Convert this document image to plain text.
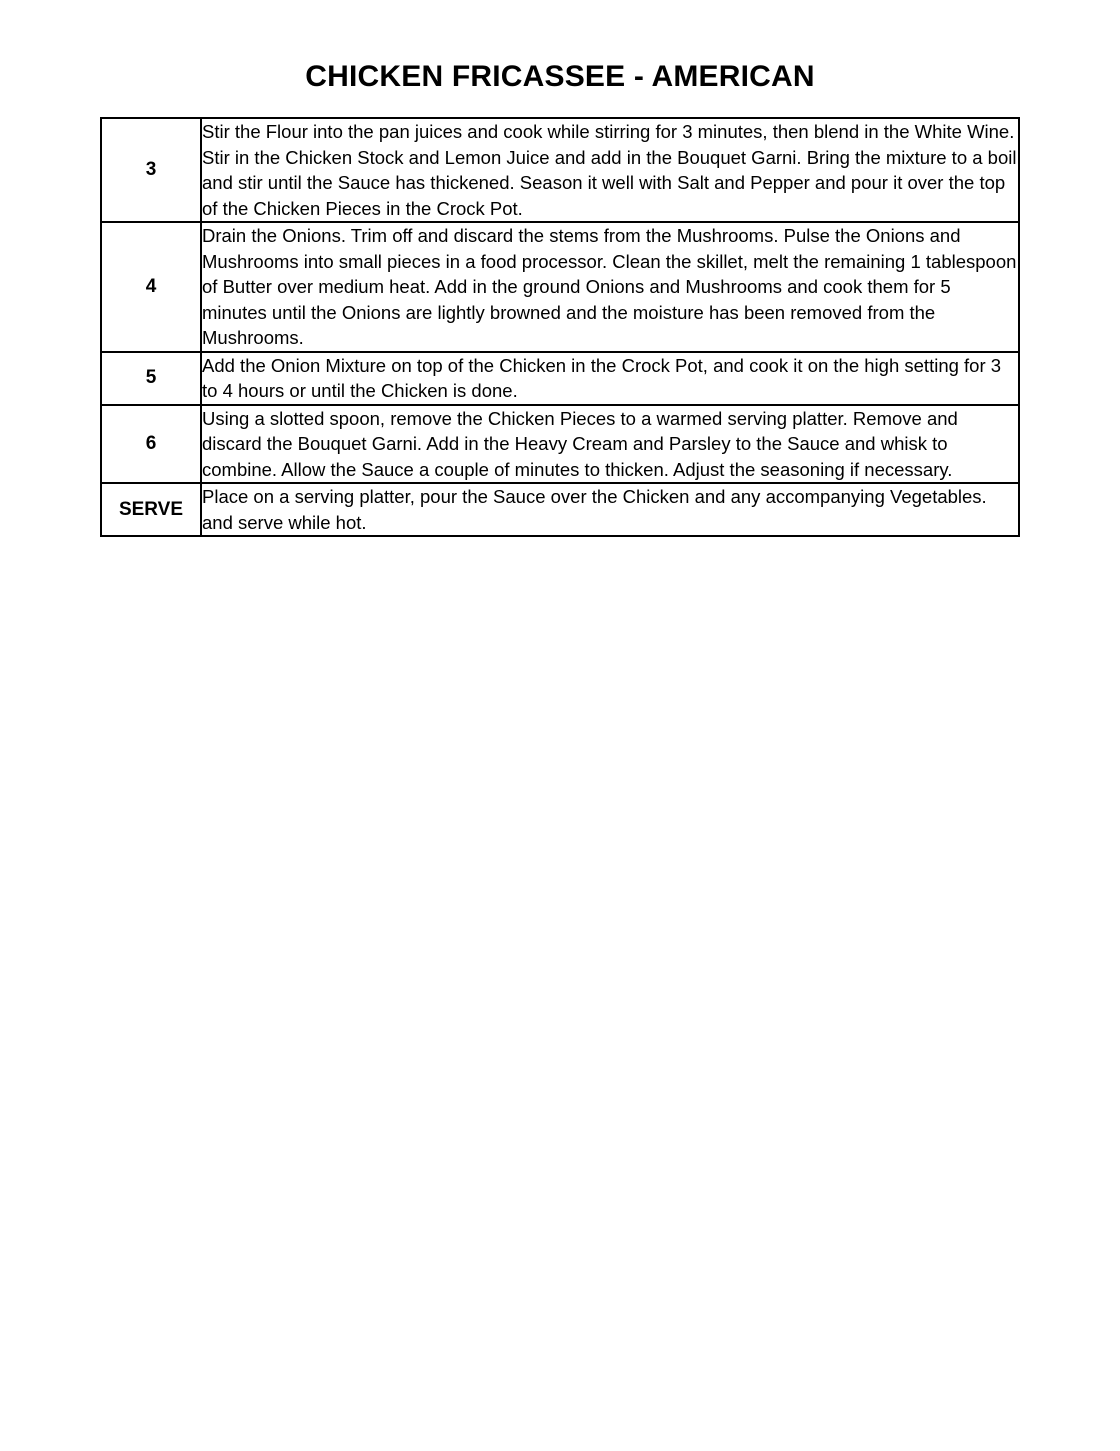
CHICKEN FRICASSEE - AMERICAN
3	Stir the Flour into the pan juices and cook while stirring for 3 minutes, then blend in the White Wine. Stir in the Chicken Stock and Lemon Juice and add in the Bouquet Garni. Bring the mixture to a boil and stir until the Sauce has thickened. Season it well with Salt and Pepper and pour it over the top of the Chicken Pieces in the Crock Pot.
4	Drain the Onions. Trim off and discard the stems from the Mushrooms. Pulse the Onions and Mushrooms into small pieces in a food processor. Clean the skillet, melt the remaining 1 tablespoon of Butter over medium heat. Add in the ground Onions and Mushrooms and cook them for 5 minutes until the Onions are lightly browned and the moisture has been removed from the Mushrooms.
5	Add the Onion Mixture on top of the Chicken in the Crock Pot, and cook it on the high setting for 3 to 4 hours or until the Chicken is done.
6	Using a slotted spoon, remove the Chicken Pieces to a warmed serving platter. Remove and discard the Bouquet Garni. Add in the Heavy Cream and Parsley to the Sauce and whisk to combine. Allow the Sauce a couple of minutes to thicken. Adjust the seasoning if necessary.
SERVE	Place on a serving platter, pour the Sauce over the Chicken and any accompanying Vegetables. and serve while hot.
